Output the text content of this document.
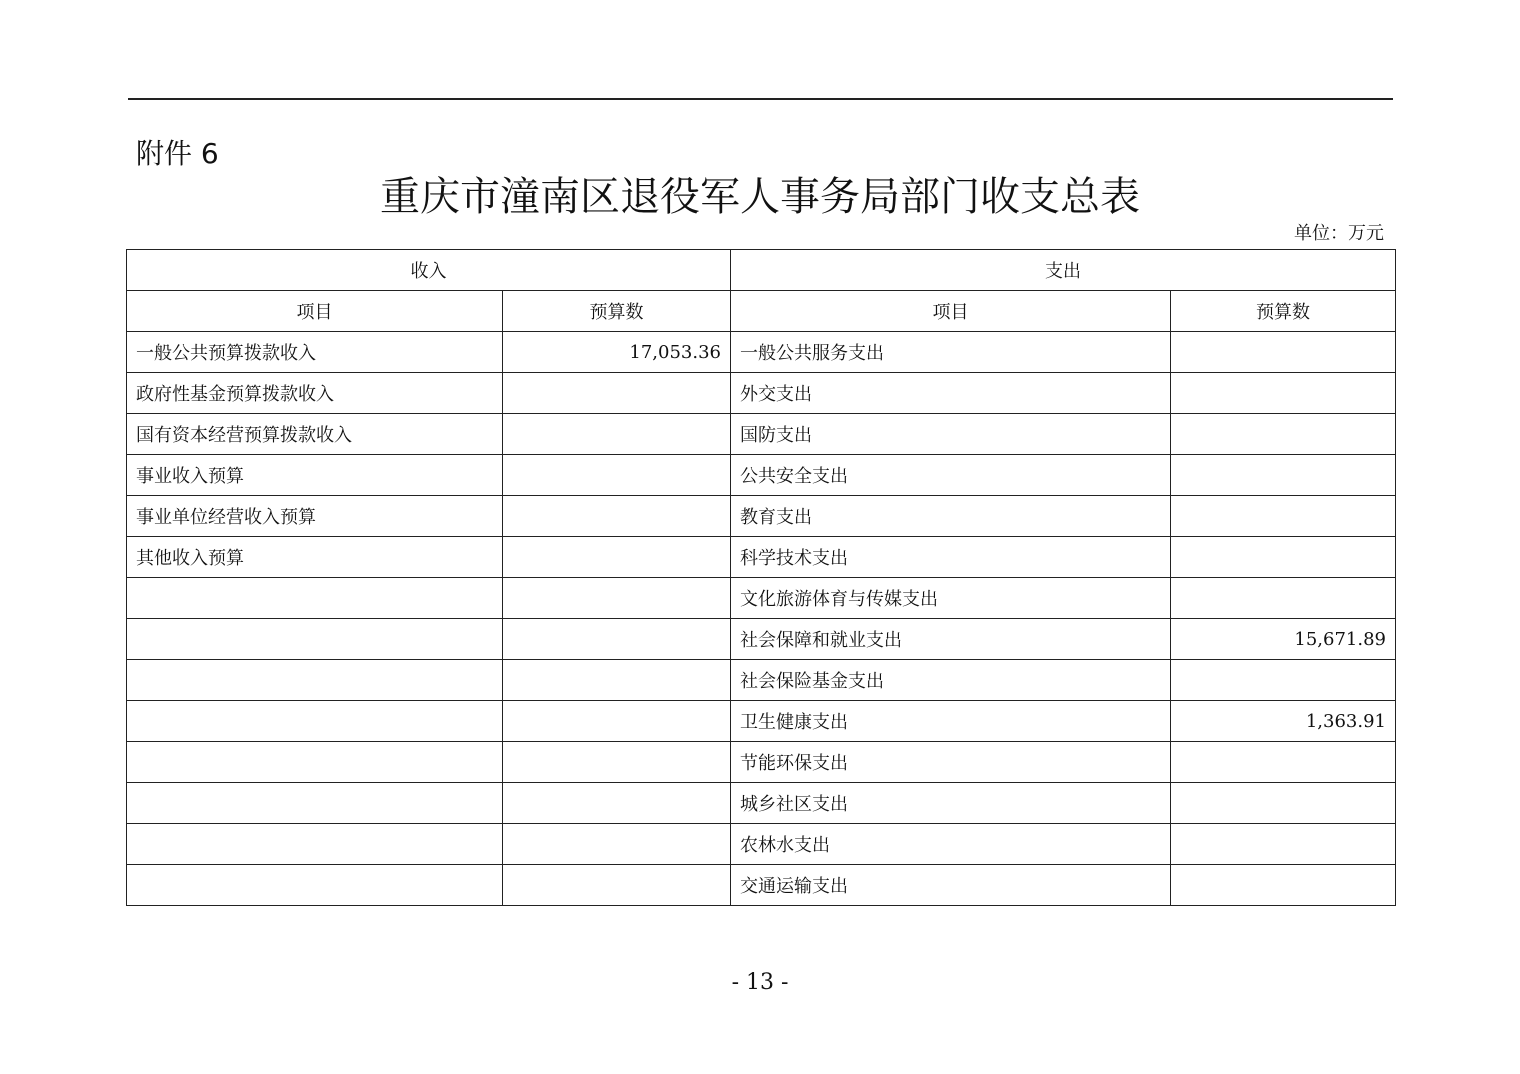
附件 6
重庆市潼南区退役军人事务局部门收支总表
单位：万元
收入		支出	
项目	预算数	项目	预算数
一般公共预算拨款收入	17,053.36	一般公共服务支出	
政府性基金预算拨款收入		外交支出	
国有资本经营预算拨款收入		国防支出	
事业收入预算		公共安全支出	
事业单位经营收入预算		教育支出	
其他收入预算		科学技术支出	
		文化旅游体育与传媒支出	
		社会保障和就业支出	15,671.89
		社会保险基金支出	
		卫生健康支出	1,363.91
		节能环保支出	
		城乡社区支出	
		农林水支出	
		交通运输支出	
- 13 -
